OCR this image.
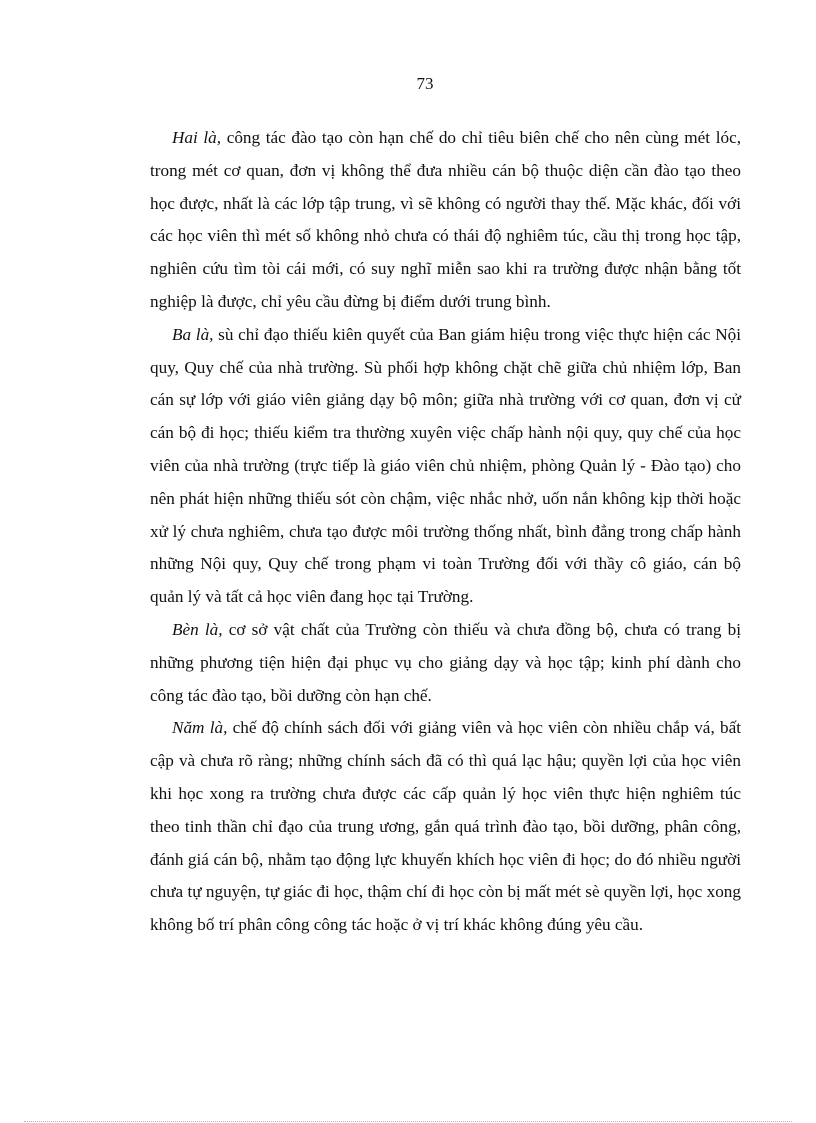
73

Hai là, công tác đào tạo còn hạn chế do chỉ tiêu biên chế cho nên cùng mét lóc, trong mét cơ quan, đơn vị không thể đưa nhiều cán bộ thuộc diện cần đào tạo theo học được, nhất là các lớp tập trung, vì sẽ không có người thay thế. Mặc khác, đối với các học viên thì mét số không nhỏ chưa có thái độ nghiêm túc, cầu thị trong học tập, nghiên cứu tìm tòi cái mới, có suy nghĩ miễn sao khi ra trường được nhận bằng tốt nghiệp là được, chỉ yêu cầu đừng bị điểm dưới trung bình.

Ba là, sù chỉ đạo thiếu kiên quyết của Ban giám hiệu trong việc thực hiện các Nội quy, Quy chế của nhà trường. Sù phối hợp không chặt chẽ giữa chủ nhiệm lớp, Ban cán sự lớp với giáo viên giảng dạy bộ môn; giữa nhà trường với cơ quan, đơn vị cử cán bộ đi học; thiếu kiểm tra thường xuyên việc chấp hành nội quy, quy chế của học viên của nhà trường (trực tiếp là giáo viên chủ nhiệm, phòng Quản lý - Đào tạo) cho nên phát hiện những thiếu sót còn chậm, việc nhắc nhở, uốn nắn không kịp thời hoặc xử lý chưa nghiêm, chưa tạo được môi trường thống nhất, bình đẳng trong chấp hành những Nội quy, Quy chế trong phạm vi toàn Trường đối với thầy cô giáo, cán bộ quản lý và tất cả học viên đang học tại Trường.

Bèn là, cơ sở vật chất của Trường còn thiếu và chưa đồng bộ, chưa có trang bị những phương tiện hiện đại phục vụ cho giảng dạy và học tập; kinh phí dành cho công tác đào tạo, bồi dưỡng còn hạn chế.

Năm là, chế độ chính sách đối với giảng viên và học viên còn nhiều chắp vá, bất cập và chưa rõ ràng; những chính sách đã có thì quá lạc hậu; quyền lợi của học viên khi học xong ra trường chưa được các cấp quản lý học viên thực hiện nghiêm túc theo tinh thần chỉ đạo của trung ương, gắn quá trình đào tạo, bồi dưỡng, phân công, đánh giá cán bộ, nhằm tạo động lực khuyến khích học viên đi học; do đó nhiều người chưa tự nguyện, tự giác đi học, thậm chí đi học còn bị mất mét sè quyền lợi, học xong không bố trí phân công công tác hoặc ở vị trí khác không đúng yêu cầu.
